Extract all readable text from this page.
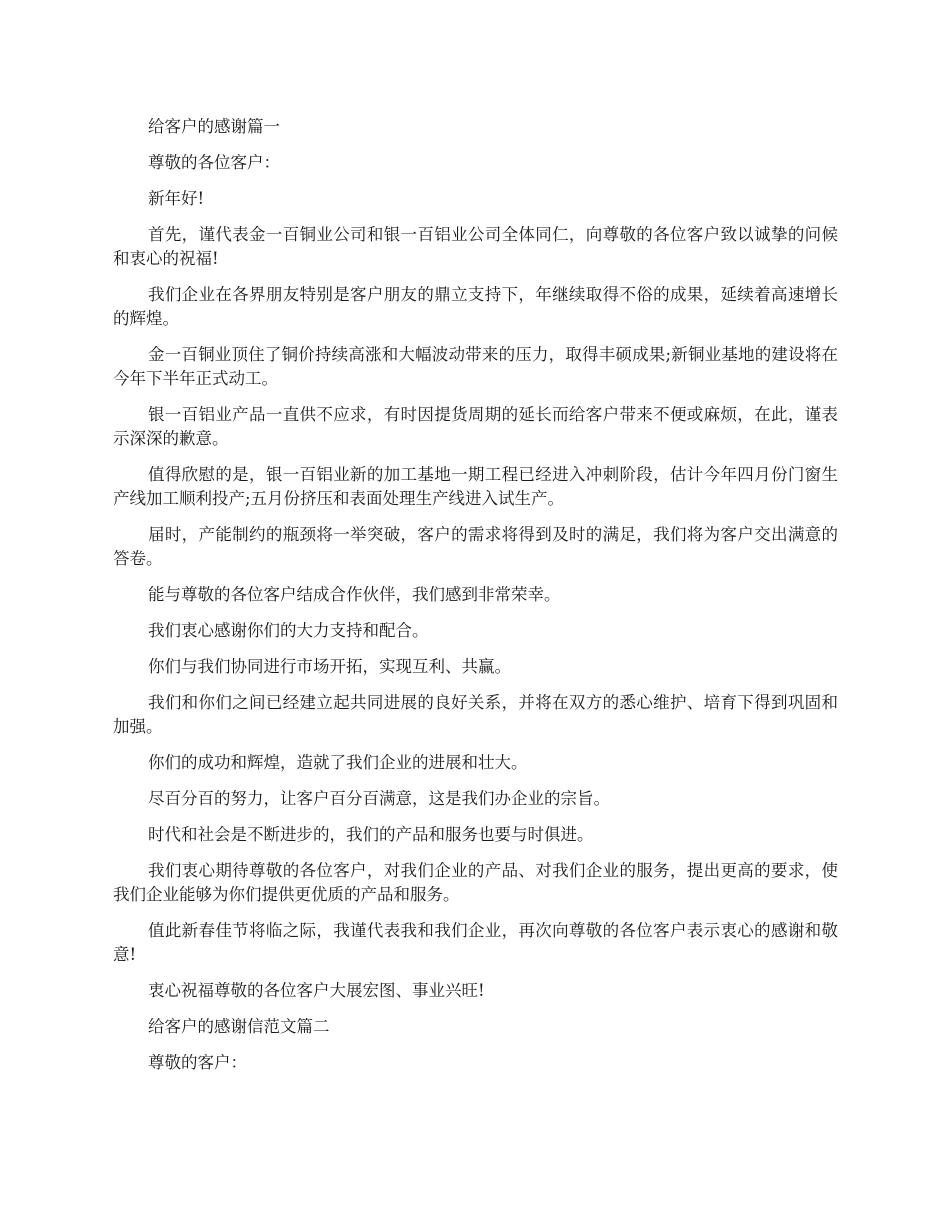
给客户的感谢篇一

尊敬的各位客户：

新年好!

首先，谨代表金一百铜业公司和银一百铝业公司全体同仁，向尊敬的各位客户致以诚挚的问候和衷心的祝福!

我们企业在各界朋友特别是客户朋友的鼎立支持下，年继续取得不俗的成果，延续着高速增长的辉煌。

金一百铜业顶住了铜价持续高涨和大幅波动带来的压力，取得丰硕成果;新铜业基地的建设将在今年下半年正式动工。

银一百铝业产品一直供不应求，有时因提货周期的延长而给客户带来不便或麻烦，在此，谨表示深深的歉意。

值得欣慰的是，银一百铝业新的加工基地一期工程已经进入冲刺阶段，估计今年四月份门窗生产线加工顺利投产;五月份挤压和表面处理生产线进入试生产。

届时，产能制约的瓶颈将一举突破，客户的需求将得到及时的满足，我们将为客户交出满意的答卷。

能与尊敬的各位客户结成合作伙伴，我们感到非常荣幸。

我们衷心感谢你们的大力支持和配合。

你们与我们协同进行市场开拓，实现互利、共赢。

我们和你们之间已经建立起共同进展的良好关系，并将在双方的悉心维护、培育下得到巩固和加强。

你们的成功和辉煌，造就了我们企业的进展和壮大。

尽百分百的努力，让客户百分百满意，这是我们办企业的宗旨。

时代和社会是不断进步的，我们的产品和服务也要与时俱进。

我们衷心期待尊敬的各位客户，对我们企业的产品、对我们企业的服务，提出更高的要求，使我们企业能够为你们提供更优质的产品和服务。

值此新春佳节将临之际，我谨代表我和我们企业，再次向尊敬的各位客户表示衷心的感谢和敬意!

衷心祝福尊敬的各位客户大展宏图、事业兴旺!

给客户的感谢信范文篇二

尊敬的客户：
